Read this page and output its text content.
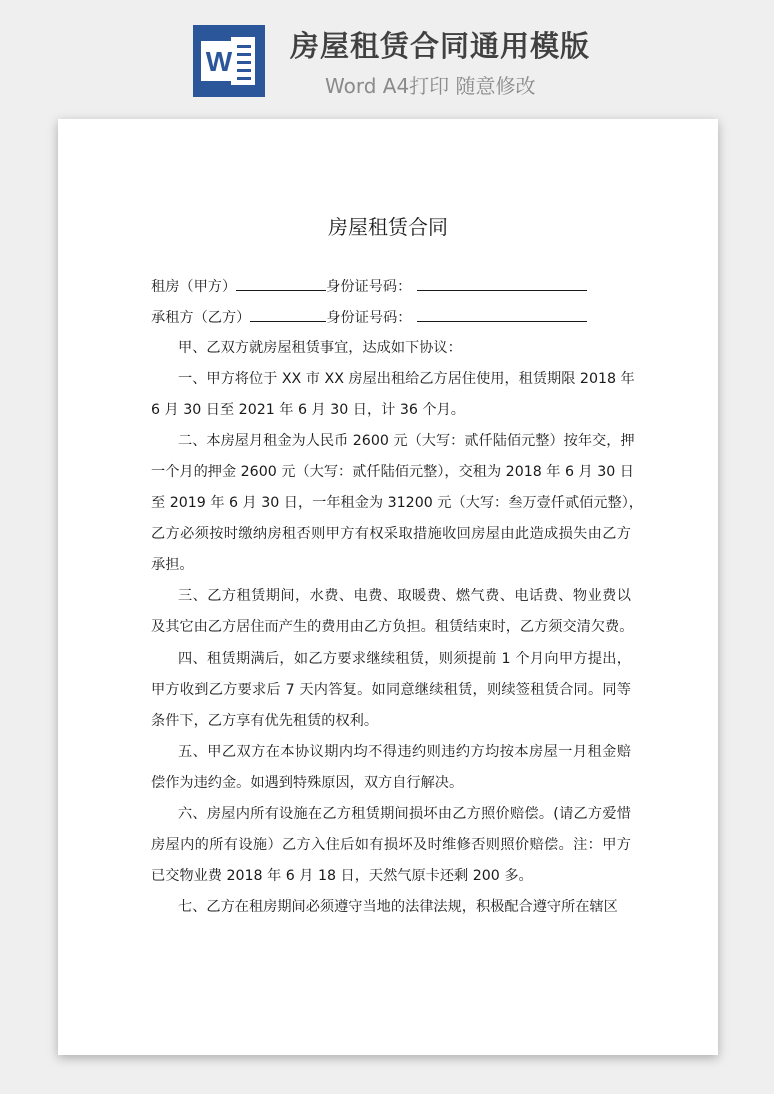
W 房屋租赁合同通用模版
Word A4打印 随意修改
房屋租赁合同
租房（甲方）	身份证号码：
承租方（乙方）	身份证号码：
甲、乙双方就房屋租赁事宜，达成如下协议：
一、甲方将位于 XX 市 XX 房屋出租给乙方居住使用，租赁期限 2018 年
6 月 30 日至 2021 年 6 月 30 日，计 36 个月。
二、本房屋月租金为人民币 2600 元（大写：贰仟陆佰元整）按年交，押
一个月的押金 2600 元（大写：贰仟陆佰元整），交租为 2018 年 6 月 30 日
至 2019 年 6 月 30 日，一年租金为 31200 元（大写：叁万壹仟贰佰元整），
乙方必须按时缴纳房租否则甲方有权采取措施收回房屋由此造成损失由乙方
承担。
三、乙方租赁期间，水费、电费、取暖费、燃气费、电话费、物业费以
及其它由乙方居住而产生的费用由乙方负担。租赁结束时，乙方须交清欠费。
四、租赁期满后，如乙方要求继续租赁，则须提前 1 个月向甲方提出，
甲方收到乙方要求后 7 天内答复。如同意继续租赁，则续签租赁合同。同等
条件下，乙方享有优先租赁的权利。
五、甲乙双方在本协议期内均不得违约则违约方均按本房屋一月租金赔
偿作为违约金。如遇到特殊原因，双方自行解决。
六、房屋内所有设施在乙方租赁期间损坏由乙方照价赔偿。(请乙方爱惜
房屋内的所有设施）乙方入住后如有损坏及时维修否则照价赔偿。注：甲方
已交物业费 2018 年 6 月 18 日，天然气原卡还剩 200 多。
七、乙方在租房期间必须遵守当地的法律法规，积极配合遵守所在辖区
